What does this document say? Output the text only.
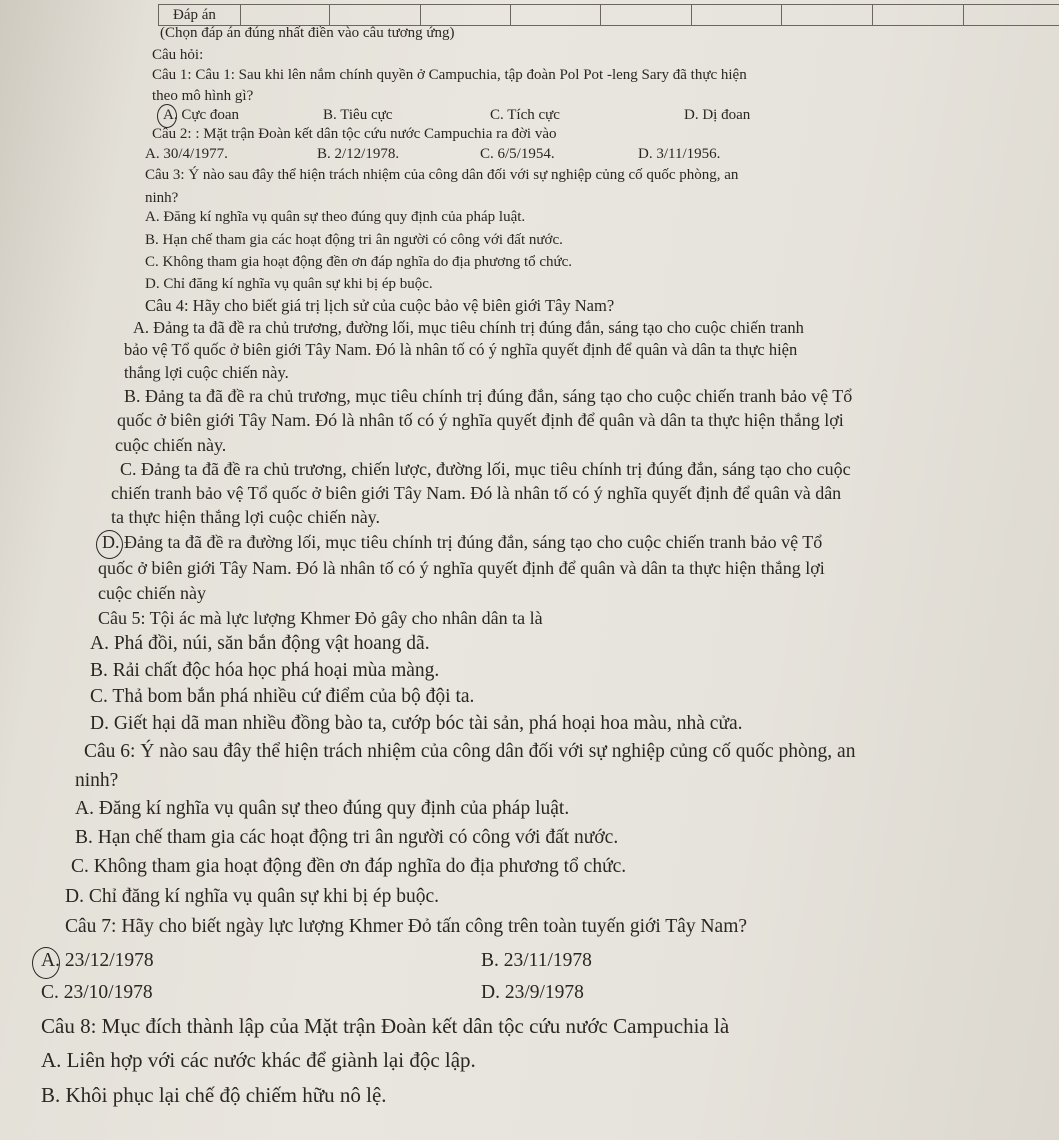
Đáp án
(Chọn đáp án đúng nhất điền vào câu tương ứng)
Câu hỏi:
Câu 1: Câu 1: Sau khi lên nắm chính quyền ở Campuchia, tập đoàn Pol Pot -leng Sary đã thực hiện
theo mô hình gì?
A. Cực đoan	B. Tiêu cực	C. Tích cực	D. Dị đoan
Câu 2: : Mặt trận Đoàn kết dân tộc cứu nước Campuchia ra đời vào
A. 30/4/1977.	B. 2/12/1978.	C. 6/5/1954.	D. 3/11/1956.
Câu 3: Ý nào sau đây thể hiện trách nhiệm của công dân đối với sự nghiệp củng cố quốc phòng, an
ninh?
A. Đăng kí nghĩa vụ quân sự theo đúng quy định của pháp luật.
B. Hạn chế tham gia các hoạt động tri ân người có công với đất nước.
C. Không tham gia hoạt động đền ơn đáp nghĩa do địa phương tổ chức.
D. Chỉ đăng kí nghĩa vụ quân sự khi bị ép buộc.
Câu 4: Hãy cho biết giá trị lịch sử của cuộc bảo vệ biên giới Tây Nam?
A. Đảng ta đã đề ra chủ trương, đường lối, mục tiêu chính trị đúng đắn, sáng tạo cho cuộc chiến tranh
bảo vệ Tổ quốc ở biên giới Tây Nam. Đó là nhân tố có ý nghĩa quyết định để quân và dân ta thực hiện
thắng lợi cuộc chiến này.
B. Đảng ta đã đề ra chủ trương, mục tiêu chính trị đúng đắn, sáng tạo cho cuộc chiến tranh bảo vệ Tổ
quốc ở biên giới Tây Nam. Đó là nhân tố có ý nghĩa quyết định để quân và dân ta thực hiện thắng lợi
cuộc chiến này.
C. Đảng ta đã đề ra chủ trương, chiến lược, đường lối, mục tiêu chính trị đúng đắn, sáng tạo cho cuộc
chiến tranh bảo vệ Tổ quốc ở biên giới Tây Nam. Đó là nhân tố có ý nghĩa quyết định để quân và dân
ta thực hiện thắng lợi cuộc chiến này.
D. Đảng ta đã đề ra đường lối, mục tiêu chính trị đúng đắn, sáng tạo cho cuộc chiến tranh bảo vệ Tổ
quốc ở biên giới Tây Nam. Đó là nhân tố có ý nghĩa quyết định để quân và dân ta thực hiện thắng lợi
cuộc chiến này
Câu 5: Tội ác mà lực lượng Khmer Đỏ gây cho nhân dân ta là
A. Phá đồi, núi, săn bắn động vật hoang dã.
B. Rải chất độc hóa học phá hoại mùa màng.
C. Thả bom bắn phá nhiều cứ điểm của bộ đội ta.
D. Giết hại dã man nhiều đồng bào ta, cướp bóc tài sản, phá hoại hoa màu, nhà cửa.
Câu 6: Ý nào sau đây thể hiện trách nhiệm của công dân đối với sự nghiệp củng cố quốc phòng, an
ninh?
A. Đăng kí nghĩa vụ quân sự theo đúng quy định của pháp luật.
B. Hạn chế tham gia các hoạt động tri ân người có công với đất nước.
C. Không tham gia hoạt động đền ơn đáp nghĩa do địa phương tổ chức.
D. Chỉ đăng kí nghĩa vụ quân sự khi bị ép buộc.
Câu 7: Hãy cho biết ngày lực lượng Khmer Đỏ tấn công trên toàn tuyến giới Tây Nam?
A. 23/12/1978	B. 23/11/1978
C. 23/10/1978	D. 23/9/1978
Câu 8: Mục đích thành lập của Mặt trận Đoàn kết dân tộc cứu nước Campuchia là
A. Liên hợp với các nước khác để giành lại độc lập.
B. Khôi phục lại chế độ chiếm hữu nô lệ.
